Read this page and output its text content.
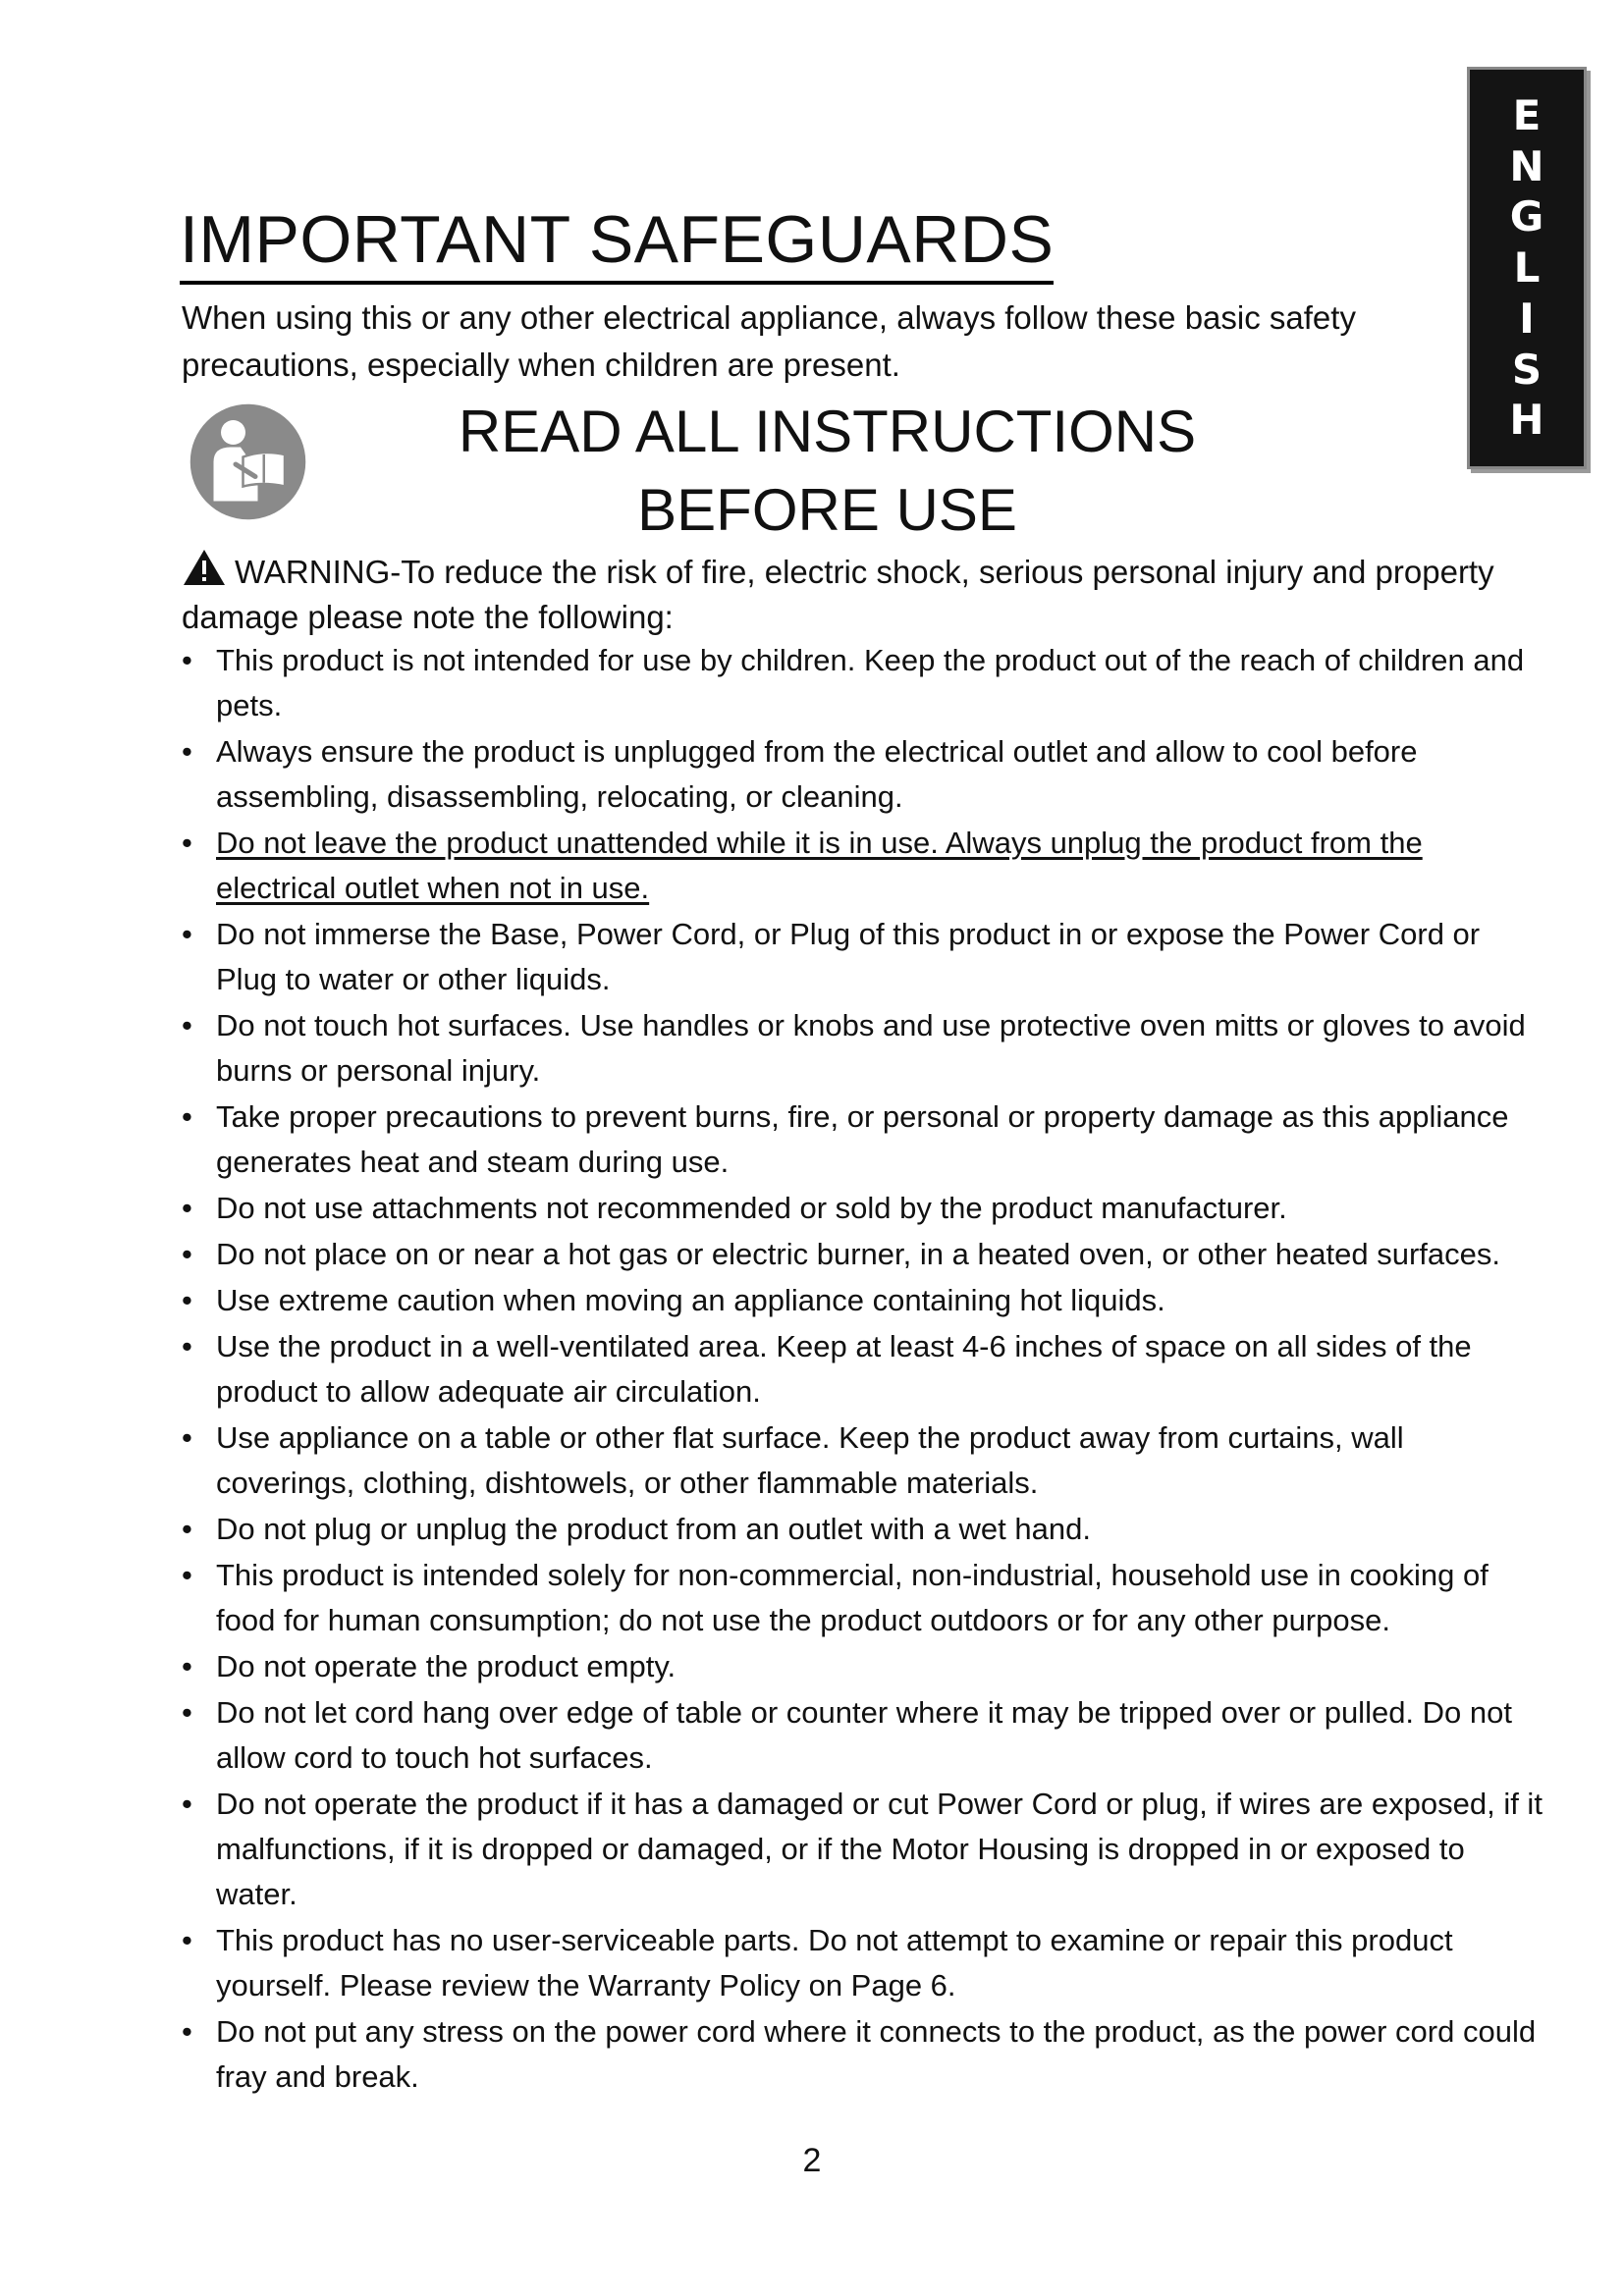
E
N
G
L
I
S
H
IMPORTANT SAFEGUARDS

When using this or any other electrical appliance, always follow these basic safety precautions, especially when children are present.

READ ALL INSTRUCTIONS
BEFORE USE

WARNING-To reduce the risk of fire, electric shock, serious personal injury and property damage please note the following:

• This product is not intended for use by children. Keep the product out of the reach of children and pets.
• Always ensure the product is unplugged from the electrical outlet and allow to cool before assembling, disassembling, relocating, or cleaning.
• Do not leave the product unattended while it is in use. Always unplug the product from the electrical outlet when not in use.
• Do not immerse the Base, Power Cord, or Plug of this product in or expose the Power Cord or Plug to water or other liquids.
• Do not touch hot surfaces. Use handles or knobs and use protective oven mitts or gloves to avoid burns or personal injury.
• Take proper precautions to prevent burns, fire, or personal or property damage as this appliance generates heat and steam during use.
• Do not use attachments not recommended or sold by the product manufacturer.
• Do not place on or near a hot gas or electric burner, in a heated oven, or other heated surfaces.
• Use extreme caution when moving an appliance containing hot liquids.
• Use the product in a well-ventilated area. Keep at least 4-6 inches of space on all sides of the product to allow adequate air circulation.
• Use appliance on a table or other flat surface. Keep the product away from curtains, wall coverings, clothing, dishtowels, or other flammable materials.
• Do not plug or unplug the product from an outlet with a wet hand.
• This product is intended solely for non-commercial, non-industrial, household use in cooking of food for human consumption; do not use the product outdoors or for any other purpose.
• Do not operate the product empty.
• Do not let cord hang over edge of table or counter where it may be tripped over or pulled. Do not allow cord to touch hot surfaces.
• Do not operate the product if it has a damaged or cut Power Cord or plug, if wires are exposed, if it malfunctions, if it is dropped or damaged, or if the Motor Housing is dropped in or exposed to water.
• This product has no user-serviceable parts. Do not attempt to examine or repair this product yourself. Please review the Warranty Policy on Page 6.
• Do not put any stress on the power cord where it connects to the product, as the power cord could fray and break.

2
